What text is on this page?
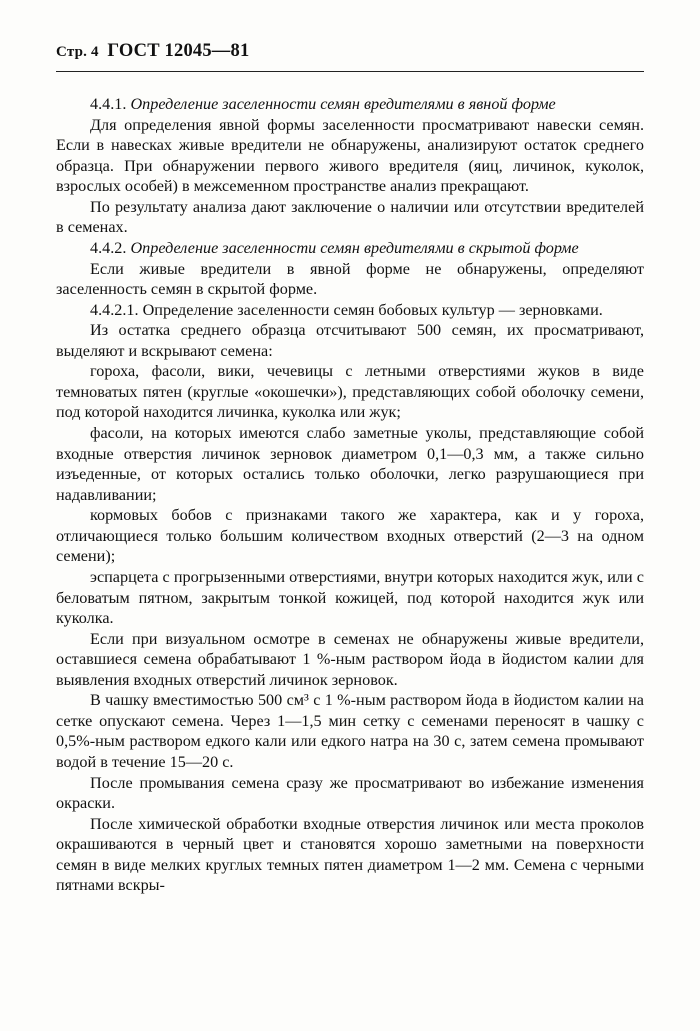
Стр. 4 ГОСТ 12045—81

4.4.1. Определение заселенности семян вредителями в явной форме

Для определения явной формы заселенности просматривают навески семян. Если в навесках живые вредители не обнаружены, анализируют остаток среднего образца. При обнаружении первого живого вредителя (яиц, личинок, куколок, взрослых особей) в межсеменном пространстве анализ прекращают.

По результату анализа дают заключение о наличии или отсутствии вредителей в семенах.

4.4.2. Определение заселенности семян вредителями в скрытой форме

Если живые вредители в явной форме не обнаружены, определяют заселенность семян в скрытой форме.

4.4.2.1. Определение заселенности семян бобовых культур — зерновками.

Из остатка среднего образца отсчитывают 500 семян, их просматривают, выделяют и вскрывают семена:

гороха, фасоли, вики, чечевицы с летными отверстиями жуков в виде темноватых пятен (круглые «окошечки»), представляющих собой оболочку семени, под которой находится личинка, куколка или жук;

фасоли, на которых имеются слабо заметные уколы, представляющие собой входные отверстия личинок зерновок диаметром 0,1—0,3 мм, а также сильно изъеденные, от которых остались только оболочки, легко разрушающиеся при надавливании;

кормовых бобов с признаками такого же характера, как и у гороха, отличающиеся только большим количеством входных отверстий (2—3 на одном семени);

эспарцета с прогрызенными отверстиями, внутри которых находится жук, или с беловатым пятном, закрытым тонкой кожицей, под которой находится жук или куколка.

Если при визуальном осмотре в семенах не обнаружены живые вредители, оставшиеся семена обрабатывают 1 %-ным раствором йода в йодистом калии для выявления входных отверстий личинок зерновок.

В чашку вместимостью 500 см³ с 1 %-ным раствором йода в йодистом калии на сетке опускают семена. Через 1—1,5 мин сетку с семенами переносят в чашку с 0,5%-ным раствором едкого кали или едкого натра на 30 с, затем семена промывают водой в течение 15—20 с.

После промывания семена сразу же просматривают во избежание изменения окраски.

После химической обработки входные отверстия личинок или места проколов окрашиваются в черный цвет и становятся хорошо заметными на поверхности семян в виде мелких круглых темных пятен диаметром 1—2 мм. Семена с черными пятнами вскры-
